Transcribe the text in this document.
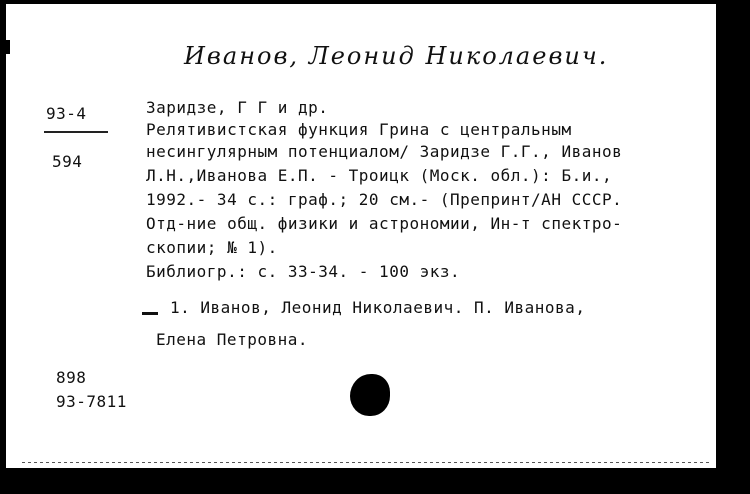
Иванов, Леонид Николаевич.
93-4
594
Заридзе, Г Г и др.
Релятивистская функция Грина с центральным
несингулярным потенциалом/ Заридзе Г.Г., Иванов
Л.Н.,Иванова Е.П. - Троицк (Моск. обл.): Б.и.,
1992.- 34 с.: граф.; 20 см.- (Препринт/АН СССР.
Отд-ние общ. физики и астрономии, Ин-т спектро-
скопии; № 1).
Библиогр.: с. 33-34. - 100 экз.
1. Иванов, Леонид Николаевич. П. Иванова,
Елена Петровна.
898
93-7811
